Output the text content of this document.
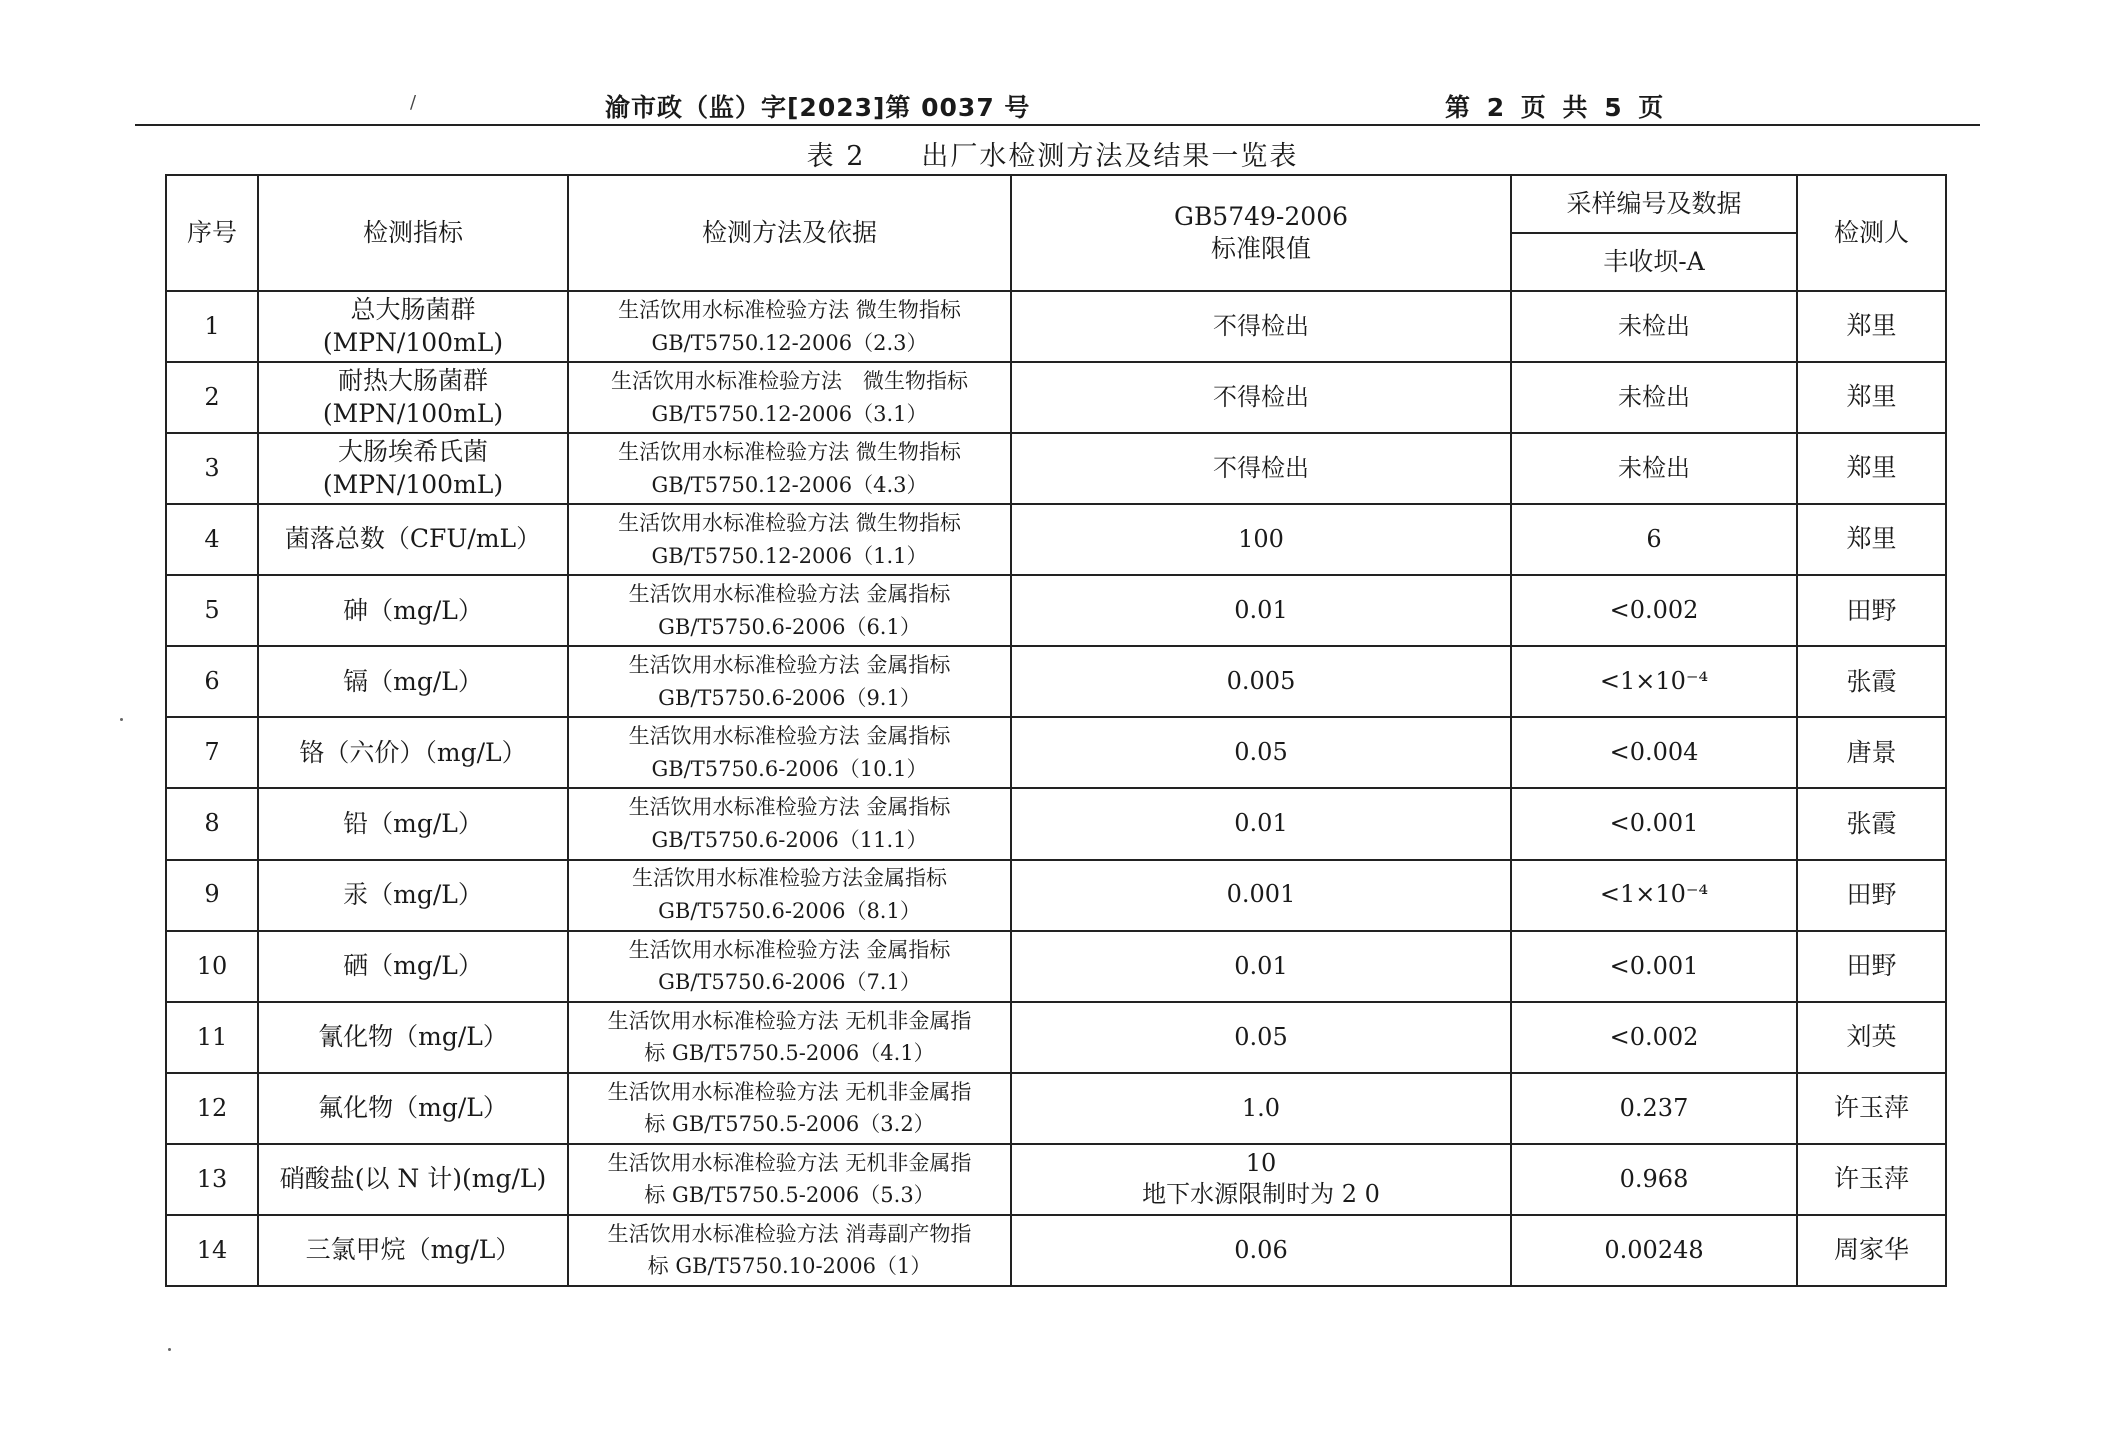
/	渝市政（监）字[2023]第 0037 号	第 2 页 共 5 页
表 2 出厂水检测方法及结果一览表
序号	检测指标	检测方法及依据	GB5749-2006
标准限值	采样编号及数据	检测人
				丰收坝-A	
1	总大肠菌群
(MPN/100mL)	生活饮用水标准检验方法 微生物指标
GB/T5750.12-2006（2.3）	不得检出	未检出	郑里
2	耐热大肠菌群
(MPN/100mL)	生活饮用水标准检验方法　微生物指标
GB/T5750.12-2006（3.1）	不得检出	未检出	郑里
3	大肠埃希氏菌
(MPN/100mL)	生活饮用水标准检验方法 微生物指标
GB/T5750.12-2006（4.3）	不得检出	未检出	郑里
4	菌落总数（CFU/mL）	生活饮用水标准检验方法 微生物指标
GB/T5750.12-2006（1.1）	100	6	郑里
5	砷（mg/L）	生活饮用水标准检验方法 金属指标
GB/T5750.6-2006（6.1）	0.01	<0.002	田野
6	镉（mg/L）	生活饮用水标准检验方法 金属指标
GB/T5750.6-2006（9.1）	0.005	<1×10⁻⁴	张霞
7	铬（六价）（mg/L）	生活饮用水标准检验方法 金属指标
GB/T5750.6-2006（10.1）	0.05	<0.004	唐景
8	铅（mg/L）	生活饮用水标准检验方法 金属指标
GB/T5750.6-2006（11.1）	0.01	<0.001	张霞
9	汞（mg/L）	生活饮用水标准检验方法金属指标
GB/T5750.6-2006（8.1）	0.001	<1×10⁻⁴	田野
10	硒（mg/L）	生活饮用水标准检验方法 金属指标
GB/T5750.6-2006（7.1）	0.01	<0.001	田野
11	氰化物（mg/L）	生活饮用水标准检验方法 无机非金属指
标 GB/T5750.5-2006（4.1）	0.05	<0.002	刘英
12	氟化物（mg/L）	生活饮用水标准检验方法 无机非金属指
标 GB/T5750.5-2006（3.2）	1.0	0.237	许玉萍
13	硝酸盐(以 N 计)(mg/L)	生活饮用水标准检验方法 无机非金属指
标 GB/T5750.5-2006（5.3）	10
地下水源限制时为 2 0	0.968	许玉萍
14	三氯甲烷（mg/L）	生活饮用水标准检验方法 消毒副产物指
标 GB/T5750.10-2006（1）	0.06	0.00248	周家华
